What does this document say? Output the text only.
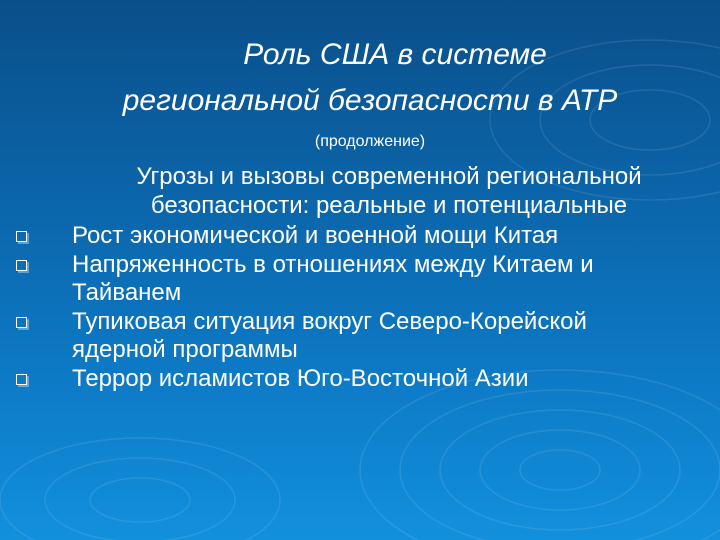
Роль США в системе
региональной безопасности в АТР
(продолжение)
Угрозы и вызовы современной региональной
безопасности: реальные и потенциальные
Рост экономической и военной мощи Китая
Напряженность в отношениях между Китаем и
Тайванем
Тупиковая ситуация вокруг Северо-Корейской
ядерной программы
Террор исламистов Юго-Восточной Азии
